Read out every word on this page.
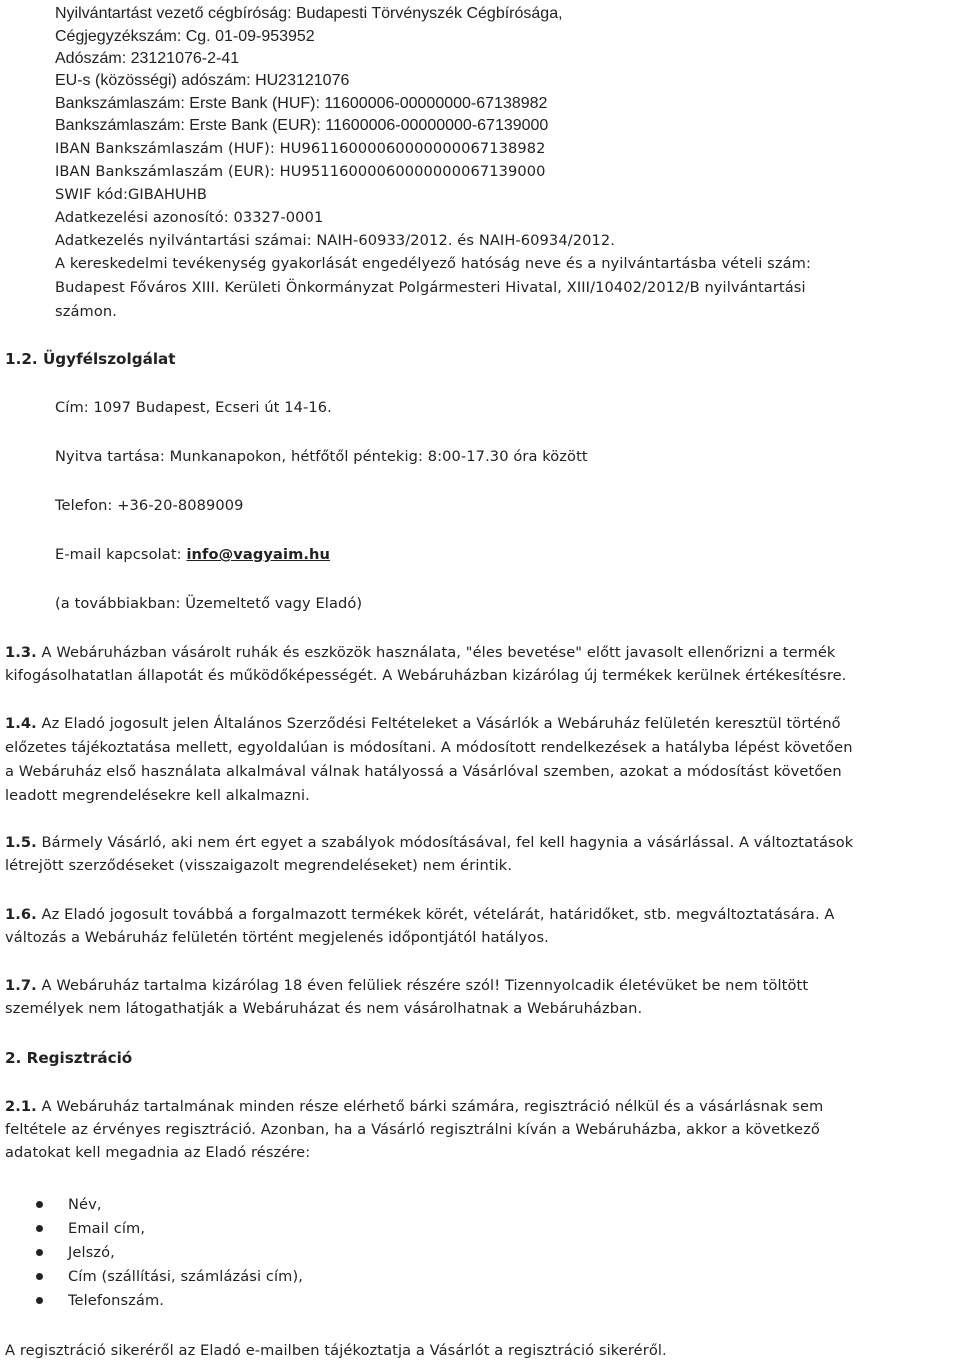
Nyilvántartást vezető cégbíróság: Budapesti Törvényszék Cégbírósága,
Cégjegyzékszám: Cg. 01-09-953952
Adószám: 23121076-2-41
EU-s (közösségi) adószám: HU23121076
Bankszámlaszám: Erste Bank (HUF): 11600006-00000000-67138982
Bankszámlaszám: Erste Bank (EUR): 11600006-00000000-67139000
IBAN Bankszámlaszám (HUF): HU96116000060000000067138982
IBAN Bankszámlaszám (EUR): HU95116000060000000067139000
SWIF kód:GIBAHUHB
Adatkezelési azonosító: 03327-0001
Adatkezelés nyilvántartási számai: NAIH-60933/2012. és NAIH-60934/2012.
A kereskedelmi tevékenység gyakorlását engedélyező hatóság neve és a nyilvántartásba vételi szám:
Budapest Főváros XIII. Kerületi Önkormányzat Polgármesteri Hivatal, XIII/10402/2012/B nyilvántartási
számon.
1.2. Ügyfélszolgálat
Cím: 1097 Budapest, Ecseri út 14-16.
Nyitva tartása: Munkanapokon, hétfőtől péntekig: 8:00-17.30 óra között
Telefon: +36-20-8089009
E-mail kapcsolat: info@vagyaim.hu
(a továbbiakban: Üzemeltető vagy Eladó)
1.3. A Webáruházban vásárolt ruhák és eszközök használata, "éles bevetése" előtt javasolt ellenőrizni a termék
kifogásolhatatlan állapotát és működőképességét. A Webáruházban kizárólag új termékek kerülnek értékesítésre.
1.4. Az Eladó jogosult jelen Általános Szerződési Feltételeket a Vásárlók a Webáruház felületén keresztül történő
előzetes tájékoztatása mellett, egyoldalúan is módosítani. A módosított rendelkezések a hatályba lépést követően
a Webáruház első használata alkalmával válnak hatályossá a Vásárlóval szemben, azokat a módosítást követően
leadott megrendelésekre kell alkalmazni.
1.5. Bármely Vásárló, aki nem ért egyet a szabályok módosításával, fel kell hagynia a vásárlással. A változtatások
létrejött szerződéseket (visszaigazolt megrendeléseket) nem érintik.
1.6. Az Eladó jogosult továbbá a forgalmazott termékek körét, vételárát, határidőket, stb. megváltoztatására. A
változás a Webáruház felületén történt megjelenés időpontjától hatályos.
1.7. A Webáruház tartalma kizárólag 18 éven felüliek részére szól! Tizennyolcadik életévüket be nem töltött
személyek nem látogathatják a Webáruházat és nem vásárolhatnak a Webáruházban.
2. Regisztráció
2.1. A Webáruház tartalmának minden része elérhető bárki számára, regisztráció nélkül és a vásárlásnak sem
feltétele az érvényes regisztráció. Azonban, ha a Vásárló regisztrálni kíván a Webáruházba, akkor a következő
adatokat kell megadnia az Eladó részére:
Név,
Email cím,
Jelszó,
Cím (szállítási, számlázási cím),
Telefonszám.
A regisztráció sikeréről az Eladó e-mailben tájékoztatja a Vásárlót a regisztráció sikeréről.
